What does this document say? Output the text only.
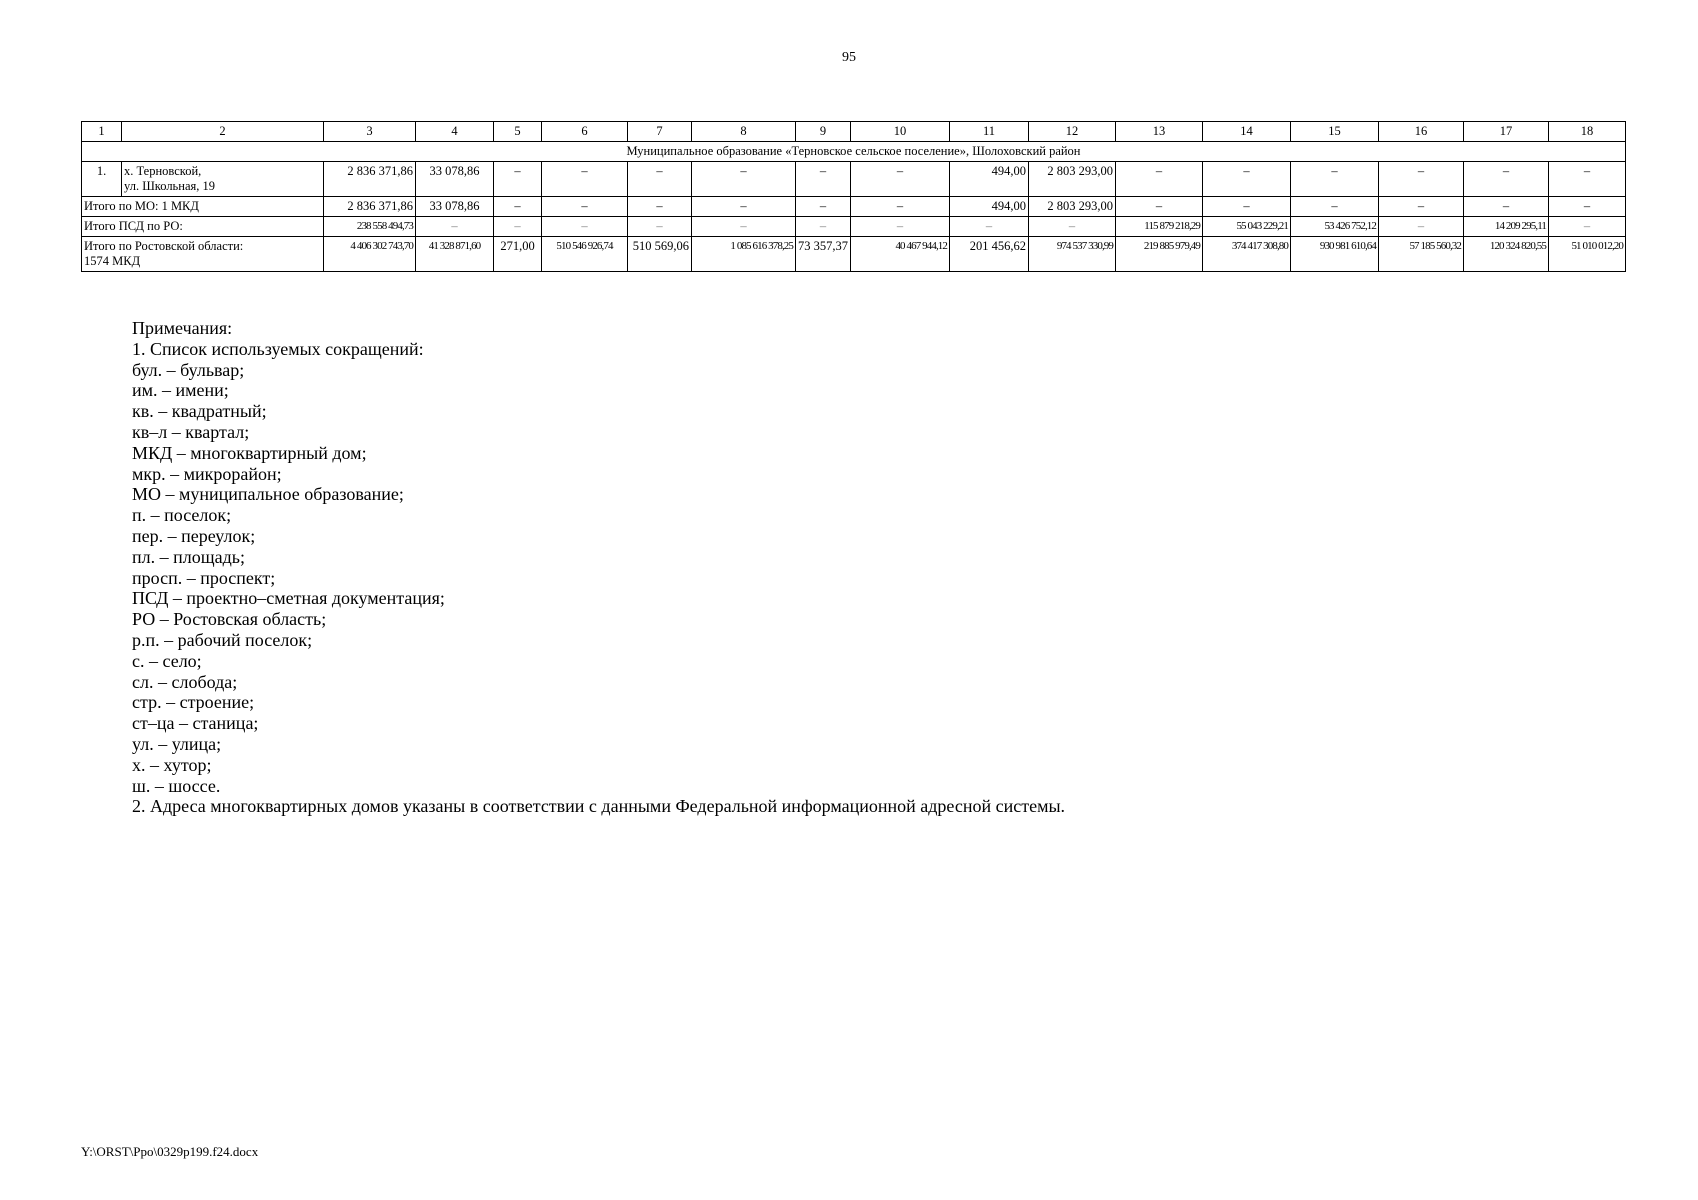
95
1	2	3	4	5	6	7	8	9	10	11	12	13	14	15	16	17	18
Муниципальное образование «Терновское сельское поселение», Шолоховский район																	
1.	х. Терновской,
ул. Школьная, 19	2 836 371,86	33 078,86	–	–	–	–	–	–	494,00	2 803 293,00	–	–	–	–	–	–
Итого по МО: 1 МКД		2 836 371,86	33 078,86	–	–	–	–	–	–	494,00	2 803 293,00	–	–	–	–	–	–
Итого ПСД по РО:		238 558 494,73	–	–	–	–	–	–	–	–	–	115 879 218,29	55 043 229,21	53 426 752,12	–	14 209 295,11	–

Итого по Ростовской области:
1574 МКД		4 406 302 743,70	41 328 871,60	271,00	510 546 926,74	510 569,06	1 085 616 378,25	73 357,37	40 467 944,12	201 456,62	974 537 330,99	219 885 979,49	374 417 308,80	930 981 610,64	57 185 560,32	120 324 820,55	51 010 012,20
Примечания:
1. Список используемых сокращений:
бул. – бульвар;
им. – имени;
кв. – квадратный;
кв–л – квартал;
МКД – многоквартирный дом;
мкр. – микрорайон;
МО – муниципальное образование;
п. – поселок;
пер. – переулок;
пл. – площадь;
просп. – проспект;
ПСД – проектно–сметная документация;
РО – Ростовская область;
р.п. – рабочий поселок;
с. – село;
сл. – слобода;
стр. – строение;
ст–ца – станица;
ул. – улица;
х. – хутор;
ш. – шоссе.
2. Адреса многоквартирных домов указаны в соответствии с данными Федеральной информационной адресной системы.
Y:\ORST\Ppo\0329p199.f24.docx
